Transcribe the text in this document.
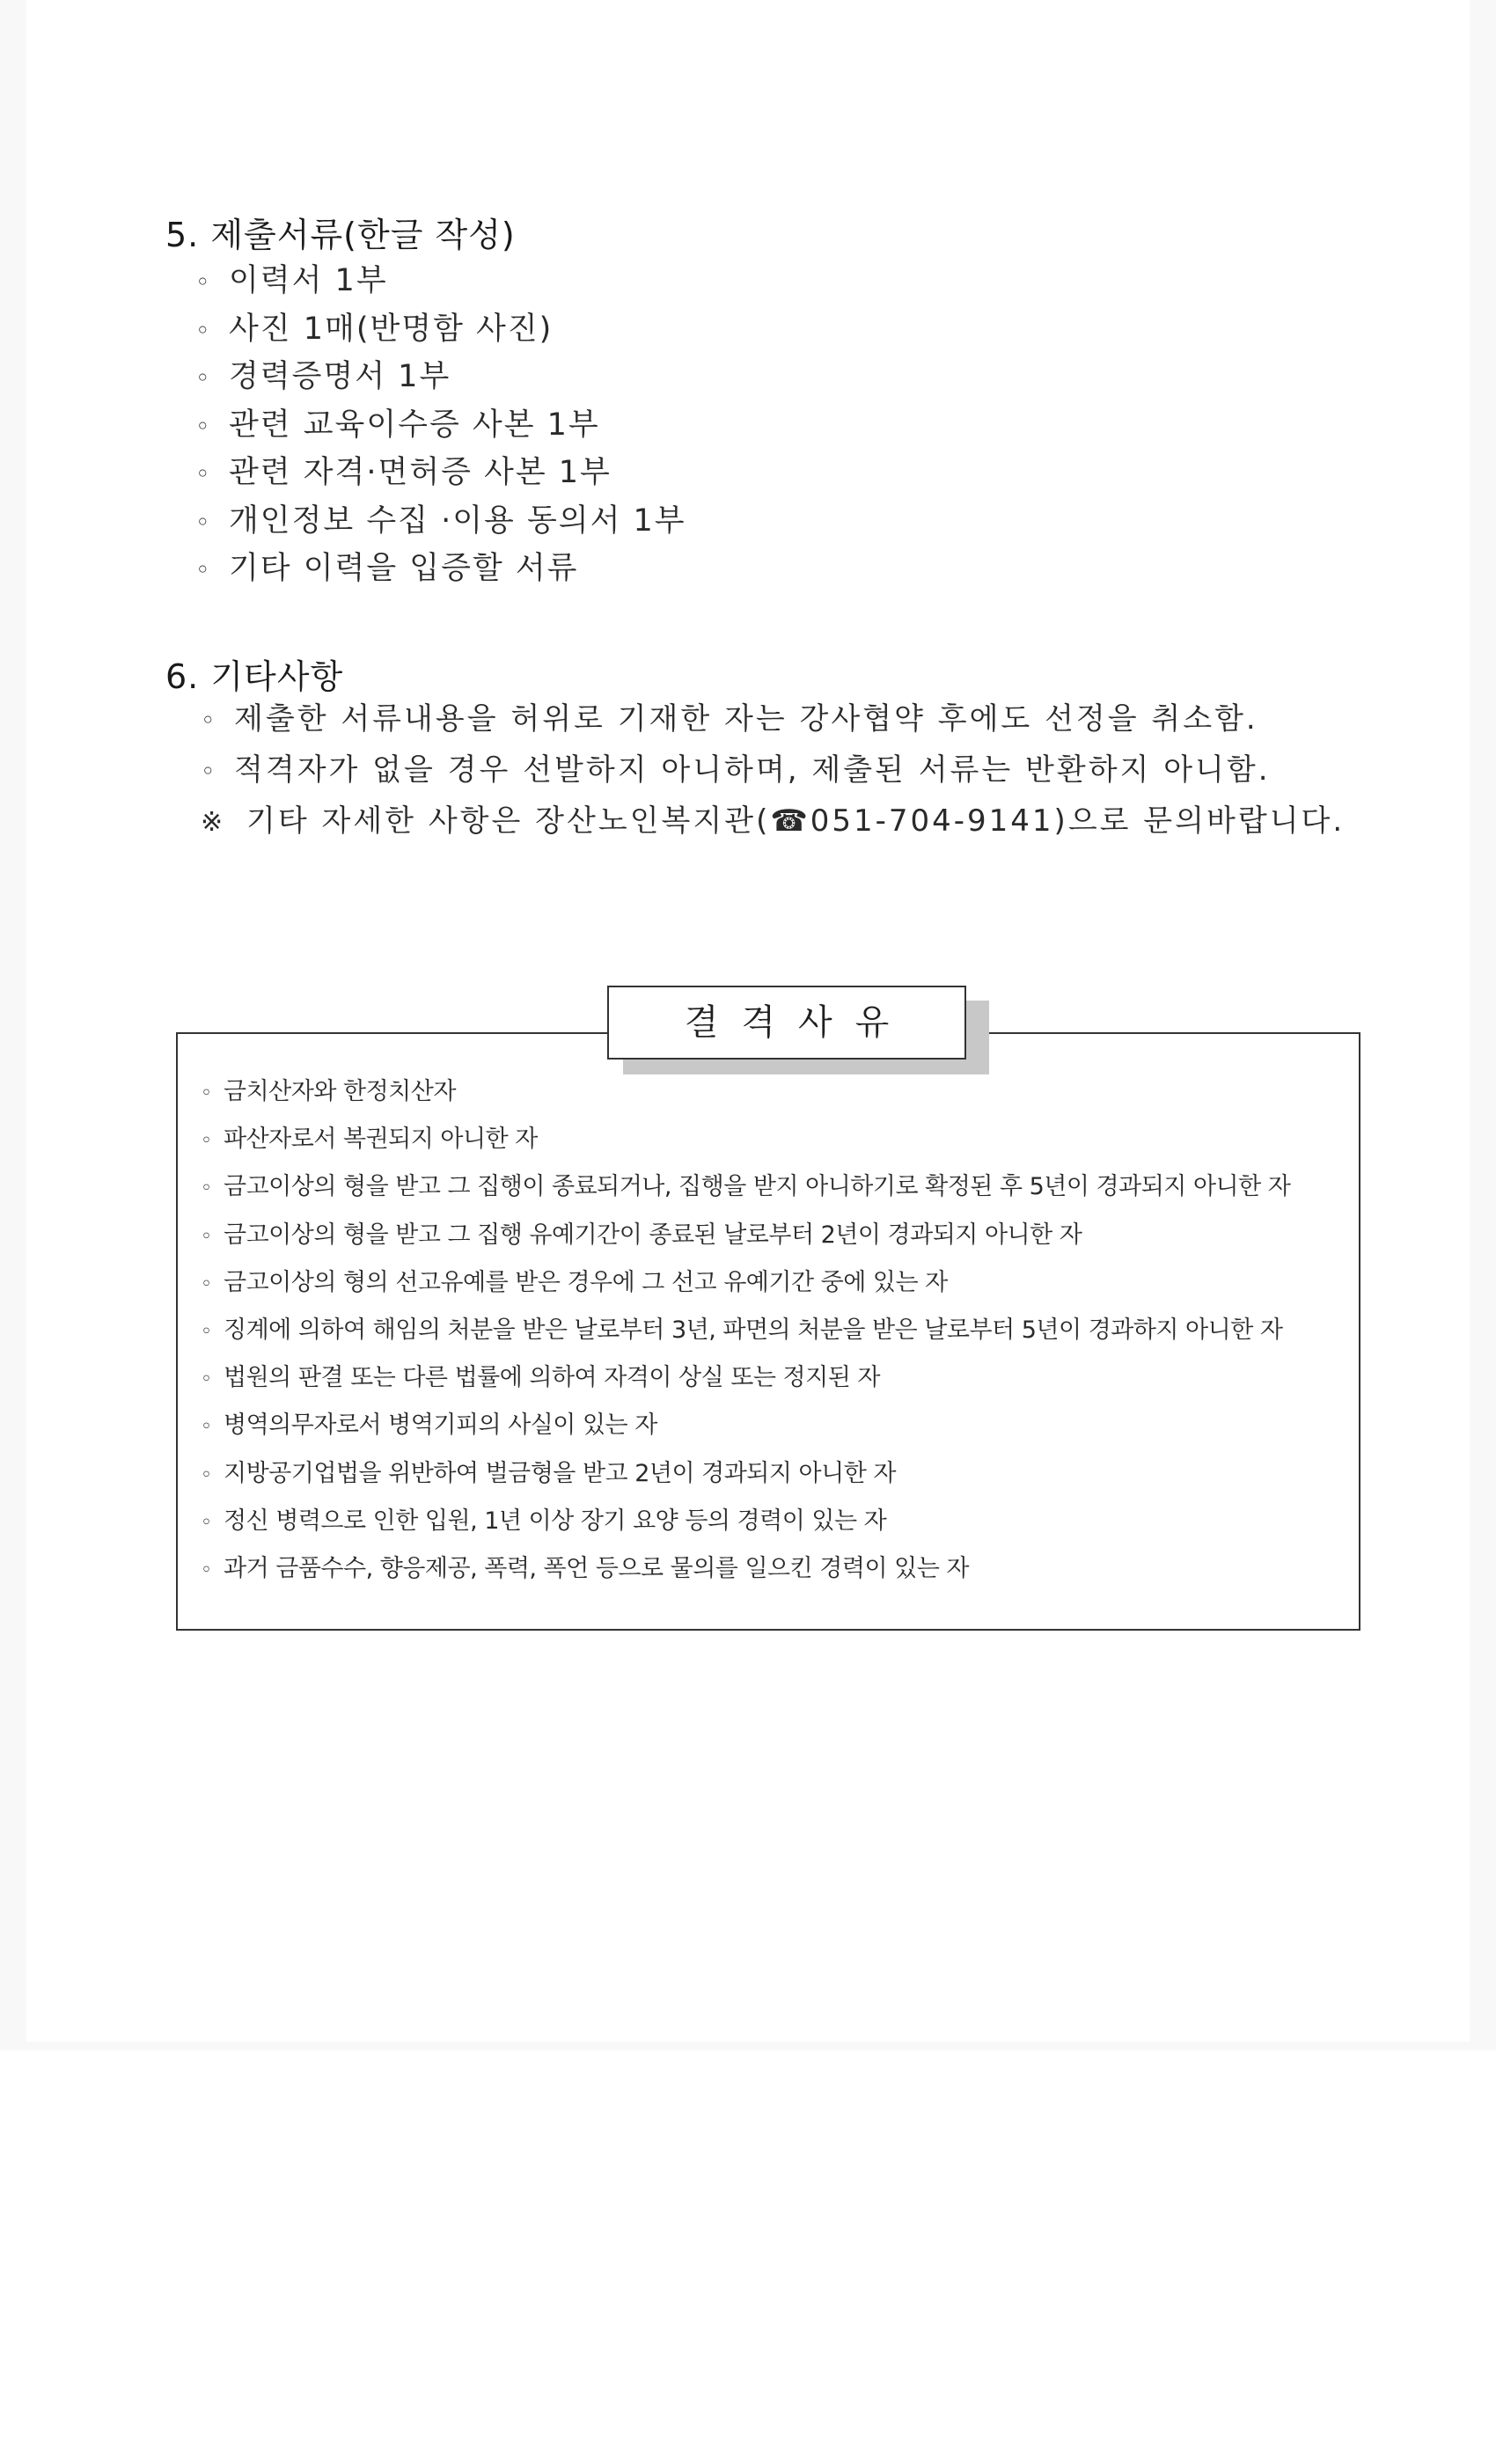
5. 제출서류(한글 작성)
◦ 이력서 1부
◦ 사진 1매(반명함 사진)
◦ 경력증명서 1부
◦ 관련 교육이수증 사본 1부
◦ 관련 자격·면허증 사본 1부
◦ 개인정보 수집 ·이용 동의서 1부
◦ 기타 이력을 입증할 서류
6. 기타사항
◦ 제출한 서류내용을 허위로 기재한 자는 강사협약 후에도 선정을 취소함.
◦ 적격자가 없을 경우 선발하지 아니하며, 제출된 서류는 반환하지 아니함.
※ 기타 자세한 사항은 장산노인복지관(☎051-704-9141)으로 문의바랍니다.
결격사유
◦ 금치산자와 한정치산자
◦ 파산자로서 복권되지 아니한 자
◦ 금고이상의 형을 받고 그 집행이 종료되거나, 집행을 받지 아니하기로 확정된 후 5년이 경과되지 아니한 자
◦ 금고이상의 형을 받고 그 집행 유예기간이 종료된 날로부터 2년이 경과되지 아니한 자
◦ 금고이상의 형의 선고유예를 받은 경우에 그 선고 유예기간 중에 있는 자
◦ 징계에 의하여 해임의 처분을 받은 날로부터 3년, 파면의 처분을 받은 날로부터 5년이 경과하지 아니한 자
◦ 법원의 판결 또는 다른 법률에 의하여 자격이 상실 또는 정지된 자
◦ 병역의무자로서 병역기피의 사실이 있는 자
◦ 지방공기업법을 위반하여 벌금형을 받고 2년이 경과되지 아니한 자
◦ 정신 병력으로 인한 입원, 1년 이상 장기 요양 등의 경력이 있는 자
◦ 과거 금품수수, 향응제공, 폭력, 폭언 등으로 물의를 일으킨 경력이 있는 자
